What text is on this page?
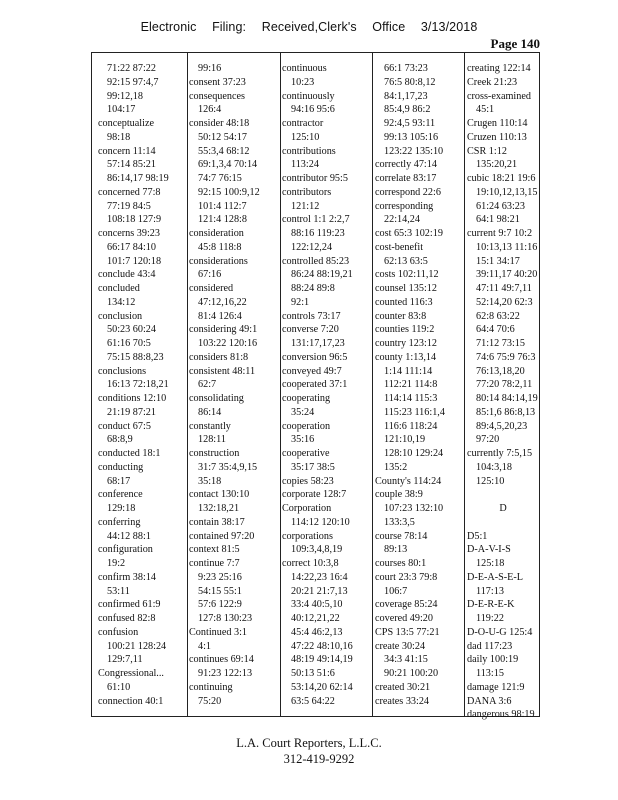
Electronic Filing: Received,Clerk's Office 3/13/2018
Page 140
71:22 87:22
92:15 97:4,7
99:12,18
104:17
conceptualize
98:18
concern 11:14
57:14 85:21
86:14,17 98:19
concerned 77:8
77:19 84:5
108:18 127:9
concerns 39:23
66:17 84:10
101:7 120:18
conclude 43:4
concluded
134:12
conclusion
50:23 60:24
61:16 70:5
75:15 88:8,23
conclusions
16:13 72:18,21
conditions 12:10
21:19 87:21
conduct 67:5
68:8,9
conducted 18:1
conducting
68:17
conference
129:18
conferring
44:12 88:1
configuration
19:2
confirm 38:14
53:11
confirmed 61:9
confused 82:8
confusion
100:21 128:24
129:7,11
Congressional...
61:10
connection 40:1
99:16
consent 37:23
consequences
126:4
consider 48:18
50:12 54:17
55:3,4 68:12
69:1,3,4 70:14
74:7 76:15
92:15 100:9,12
101:4 112:7
121:4 128:8
consideration
45:8 118:8
considerations
67:16
considered
47:12,16,22
81:4 126:4
considering 49:1
103:22 120:16
considers 81:8
consistent 48:11
62:7
consolidating
86:14
constantly
128:11
construction
31:7 35:4,9,15
35:18
contact 130:10
132:18,21
contain 38:17
contained 97:20
context 81:5
continue 7:7
9:23 25:16
54:15 55:1
57:6 122:9
127:8 130:23
Continued 3:1
4:1
continues 69:14
91:23 122:13
continuing
75:20
continuous
10:23
continuously
94:16 95:6
contractor
125:10
contributions
113:24
contributor 95:5
contributors
121:12
control 1:1 2:2,7
88:16 119:23
122:12,24
controlled 85:23
86:24 88:19,21
88:24 89:8
92:1
controls 73:17
converse 7:20
131:17,17,23
conversion 96:5
conveyed 49:7
cooperated 37:1
cooperating
35:24
cooperation
35:16
cooperative
35:17 38:5
copies 58:23
corporate 128:7
Corporation
114:12 120:10
corporations
109:3,4,8,19
correct 10:3,8
14:22,23 16:4
20:21 21:7,13
33:4 40:5,10
40:12,21,22
45:4 46:2,13
47:22 48:10,16
48:19 49:14,19
50:13 51:6
53:14,20 62:14
63:5 64:22
66:1 73:23
76:5 80:8,12
84:1,17,23
85:4,9 86:2
92:4,5 93:11
99:13 105:16
123:22 135:10
correctly 47:14
correlate 83:17
correspond 22:6
corresponding
22:14,24
cost 65:3 102:19
cost-benefit
62:13 63:5
costs 102:11,12
counsel 135:12
counted 116:3
counter 83:8
counties 119:2
country 123:12
county 1:13,14
1:14 111:14
112:21 114:8
114:14 115:3
115:23 116:1,4
116:6 118:24
121:10,19
128:10 129:24
135:2
County's 114:24
couple 38:9
107:23 132:10
133:3,5
course 78:14
89:13
courses 80:1
court 23:3 79:8
106:7
coverage 85:24
covered 49:20
CPS 13:5 77:21
create 30:24
34:3 41:15
90:21 100:20
created 30:21
creates 33:24
creating 122:14
Creek 21:23
cross-examined
45:1
Crugen 110:14
Cruzen 110:13
CSR 1:12
135:20,21
cubic 18:21 19:6
19:10,12,13,15
61:24 63:23
64:1 98:21
current 9:7 10:2
10:13,13 11:16
15:1 34:17
39:11,17 40:20
47:11 49:7,11
52:14,20 62:3
62:8 63:22
64:4 70:6
71:12 73:15
74:6 75:9 76:3
76:13,18,20
77:20 78:2,11
80:14 84:14,19
85:1,6 86:8,13
89:4,5,20,23
97:20
currently 7:5,15
104:3,18
125:10
D
D5:1
D-A-V-I-S
125:18
D-E-A-S-E-L
117:13
D-E-R-E-K
119:22
D-O-U-G 125:4
dad 117:23
daily 100:19
113:15
damage 121:9
DANA 3:6
dangerous 98:19
L.A. Court Reporters, L.L.C.
312-419-9292
